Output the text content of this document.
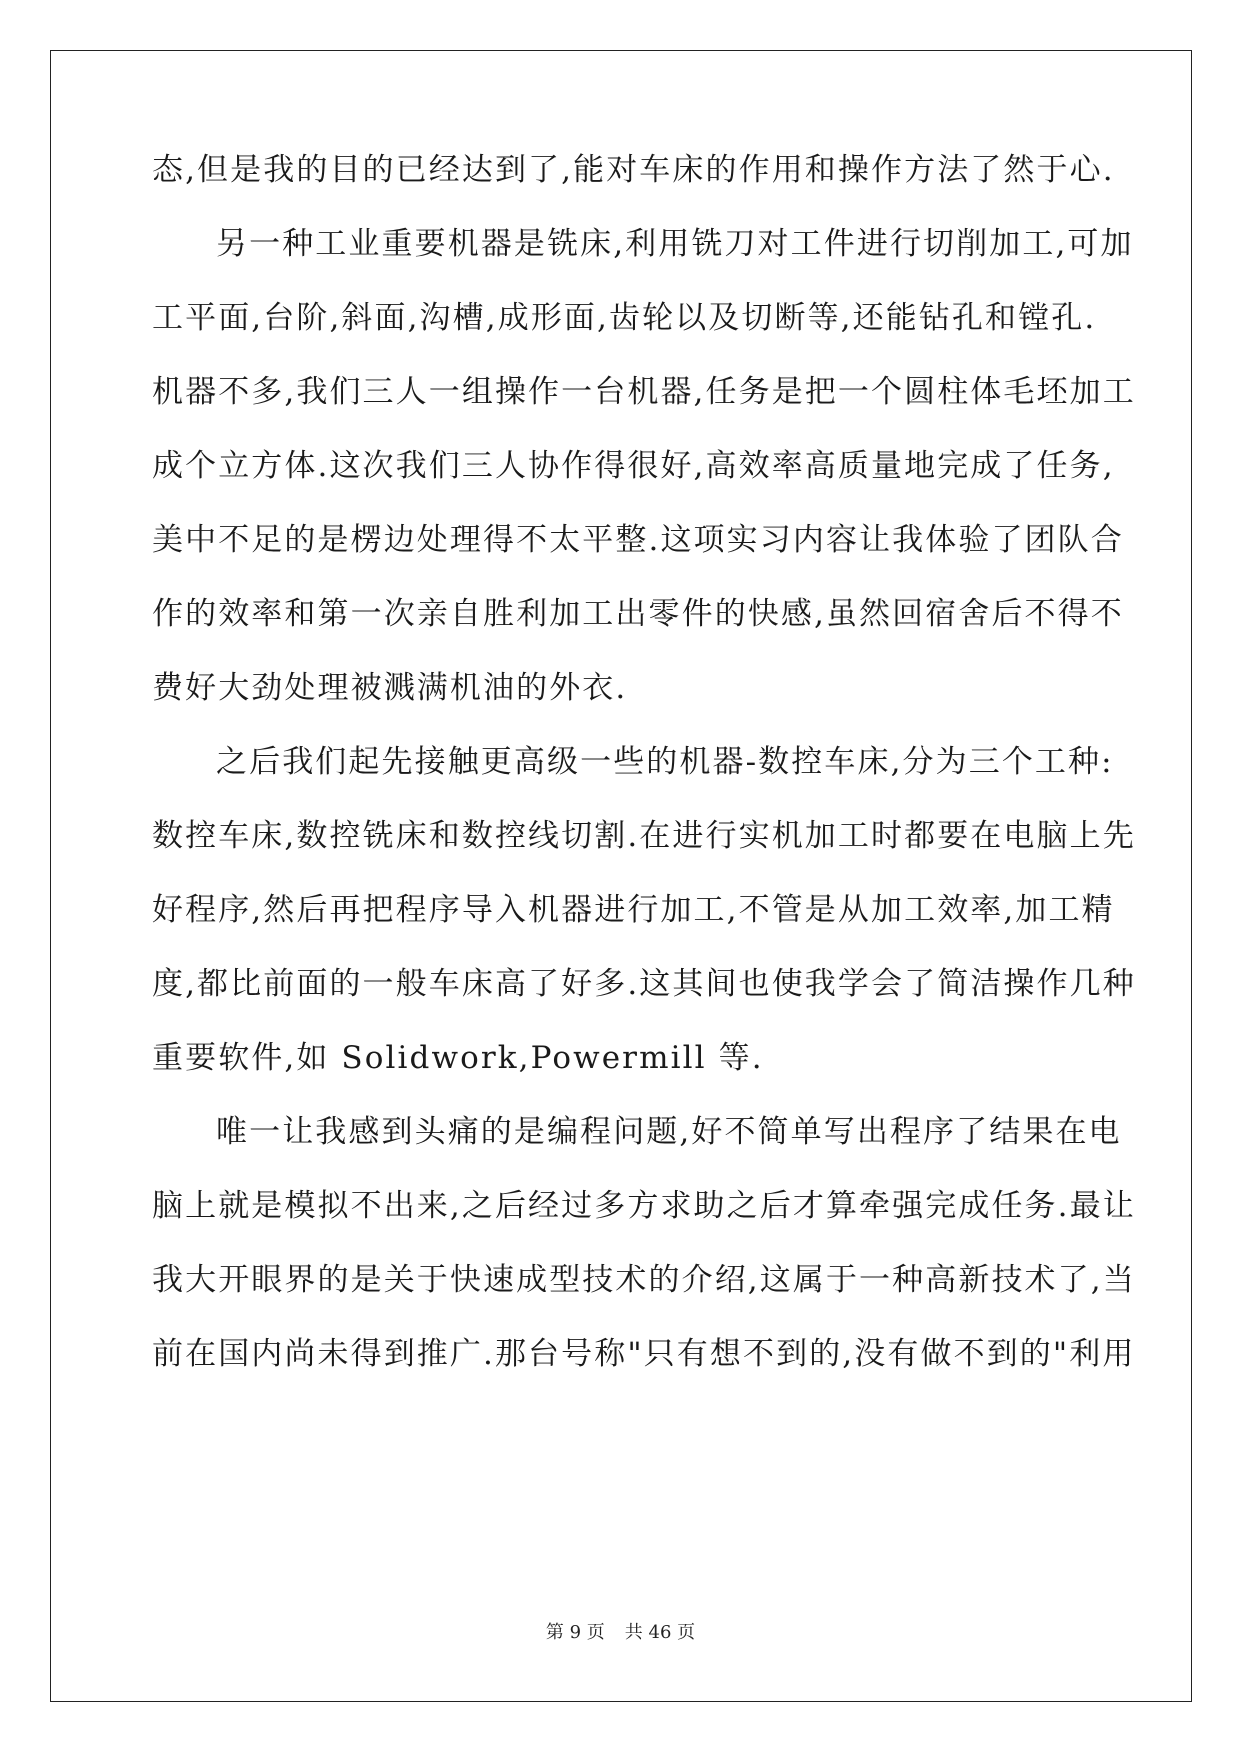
态,但是我的目的已经达到了,能对车床的作用和操作方法了然于心.
另一种工业重要机器是铣床,利用铣刀对工件进行切削加工,可加
工平面,台阶,斜面,沟槽,成形面,齿轮以及切断等,还能钻孔和镗孔.
机器不多,我们三人一组操作一台机器,任务是把一个圆柱体毛坯加工
成个立方体.这次我们三人协作得很好,高效率高质量地完成了任务,
美中不足的是楞边处理得不太平整.这项实习内容让我体验了团队合
作的效率和第一次亲自胜利加工出零件的快感,虽然回宿舍后不得不
费好大劲处理被溅满机油的外衣.
之后我们起先接触更高级一些的机器-数控车床,分为三个工种:
数控车床,数控铣床和数控线切割.在进行实机加工时都要在电脑上先
好程序,然后再把程序导入机器进行加工,不管是从加工效率,加工精
度,都比前面的一般车床高了好多.这其间也使我学会了简洁操作几种
重要软件,如 Solidwork,Powermill 等.
唯一让我感到头痛的是编程问题,好不简单写出程序了结果在电
脑上就是模拟不出来,之后经过多方求助之后才算牵强完成任务.最让
我大开眼界的是关于快速成型技术的介绍,这属于一种高新技术了,当
前在国内尚未得到推广.那台号称"只有想不到的,没有做不到的"利用
第 9 页 共 46 页
